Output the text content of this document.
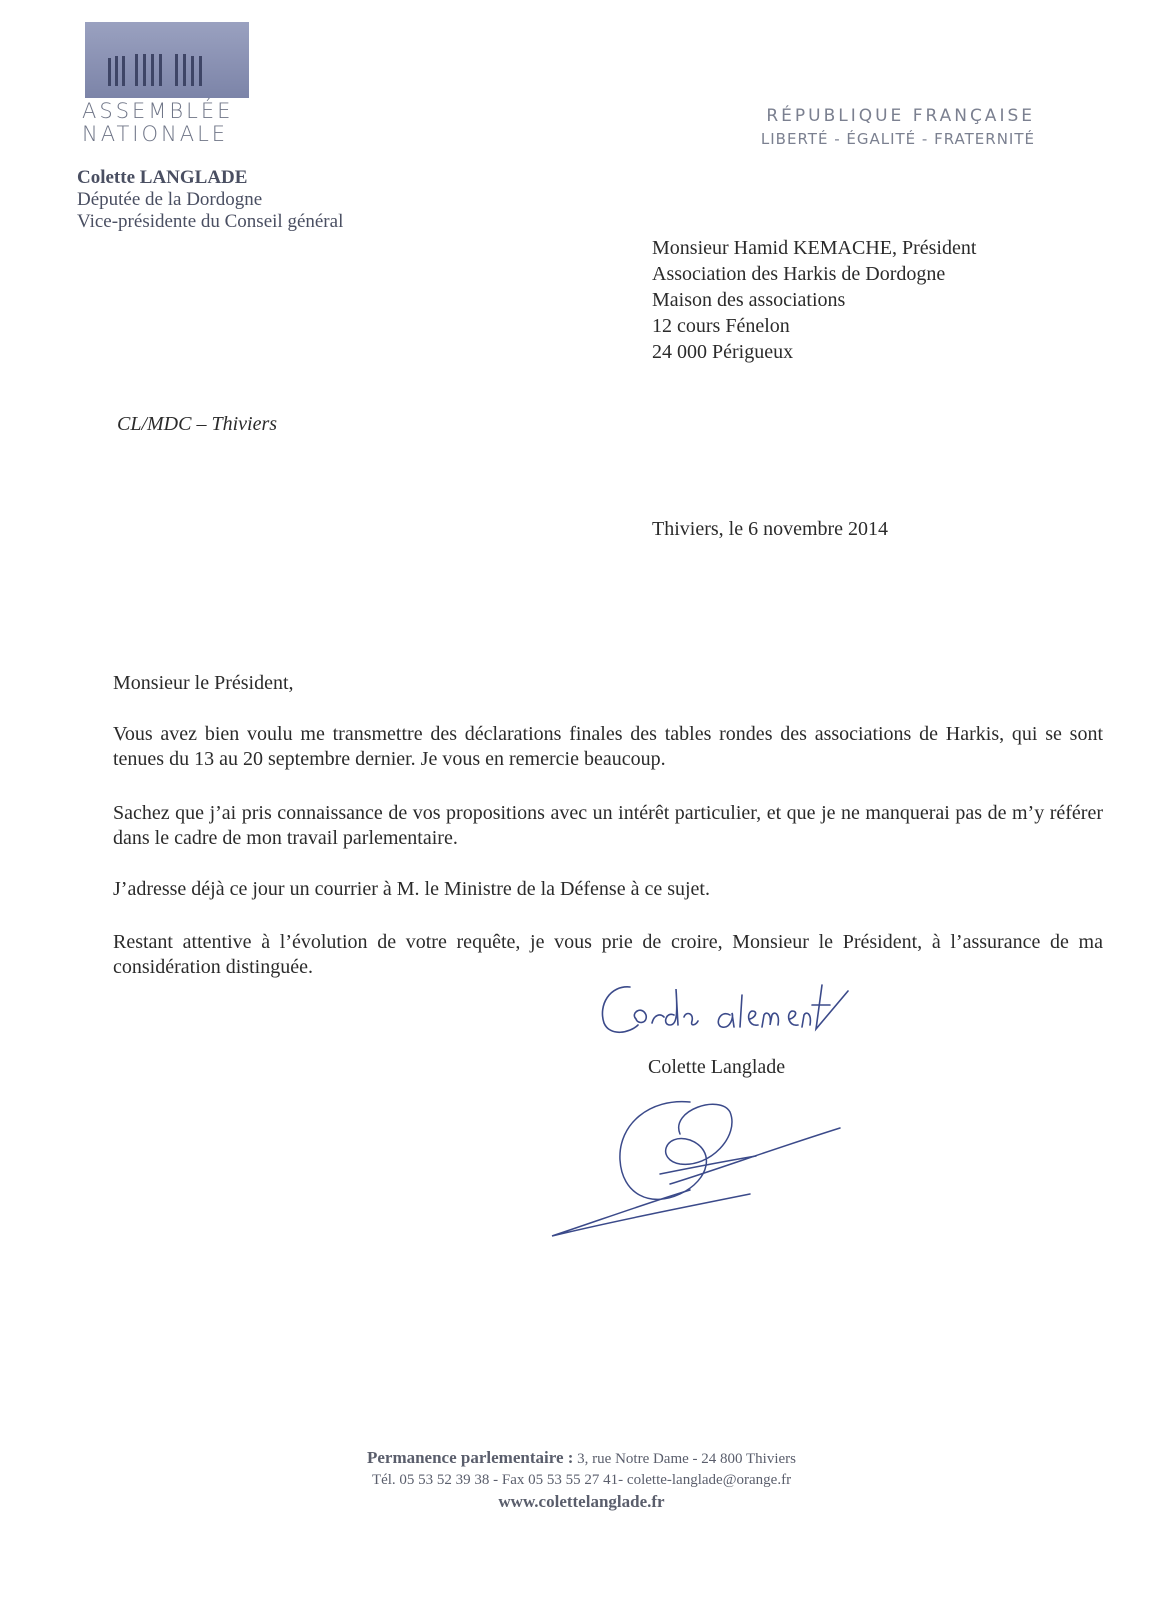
ASSEMBLÉE
NATIONALE
RÉPUBLIQUE FRANÇAISE
LIBERTÉ - ÉGALITÉ - FRATERNITÉ
Colette LANGLADE
Députée de la Dordogne
Vice-présidente du Conseil général
Monsieur Hamid KEMACHE, Président
Association des Harkis de Dordogne
Maison des associations
12 cours Fénelon
24 000 Périgueux
CL/MDC – Thiviers
Thiviers, le 6 novembre 2014
Monsieur le Président,
Vous avez bien voulu me transmettre des déclarations finales des tables rondes des associations de Harkis, qui se sont tenues du 13 au 20 septembre dernier. Je vous en remercie beaucoup.
Sachez que j’ai pris connaissance de vos propositions avec un intérêt particulier, et que je ne manquerai pas de m’y référer dans le cadre de mon travail parlementaire.
J’adresse déjà ce jour un courrier à M. le Ministre de la Défense à ce sujet.
Restant attentive à l’évolution de votre requête, je vous prie de croire, Monsieur le Président, à l’assurance de ma considération distinguée.
Colette Langlade
Permanence parlementaire : 3, rue Notre Dame - 24 800 Thiviers
Tél. 05 53 52 39 38 - Fax 05 53 55 27 41- colette-langlade@orange.fr
www.colettelanglade.fr
